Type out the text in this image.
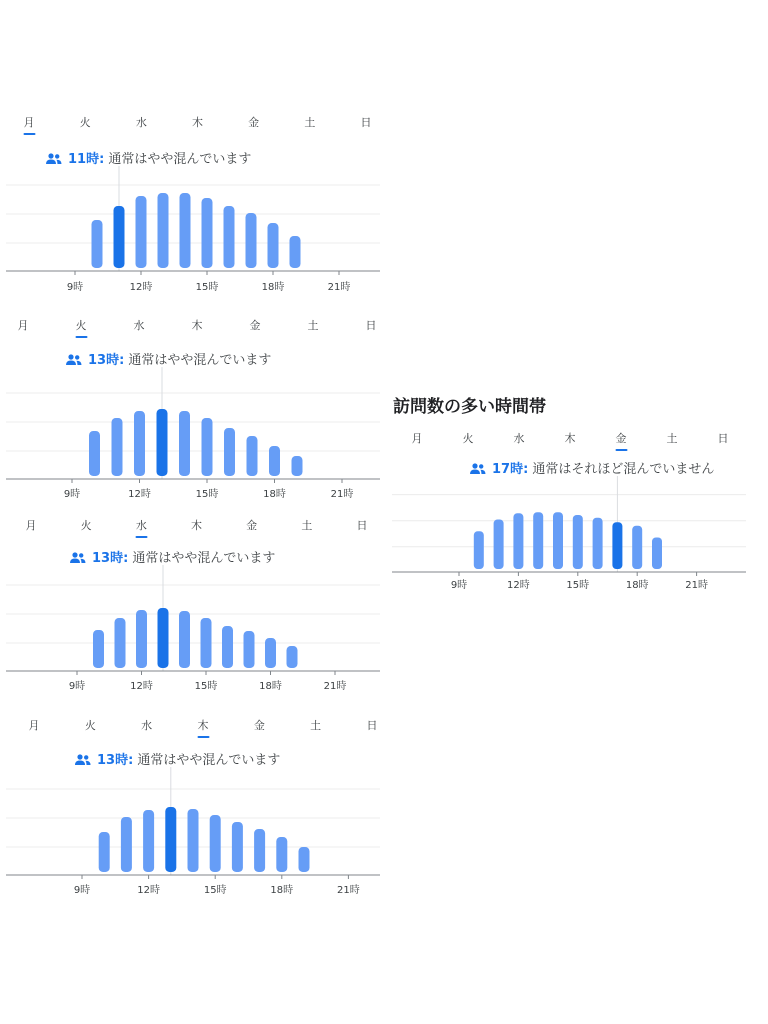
訪問数の多い時間帯
月	火	水	木	金	土	日
11時: 通常はやや混んでいます
9時	12時	15時	18時	21時
月	火	水	木	金	土	日
13時: 通常はやや混んでいます
9時	12時	15時	18時	21時
月	火	水	木	金	土	日
13時: 通常はやや混んでいます
9時	12時	15時	18時	21時
月	火	水	木	金	土	日
13時: 通常はやや混んでいます
9時	12時	15時	18時	21時
月	火	水	木	金	土	日
17時: 通常はそれほど混んでいません
9時	12時	15時	18時	21時
